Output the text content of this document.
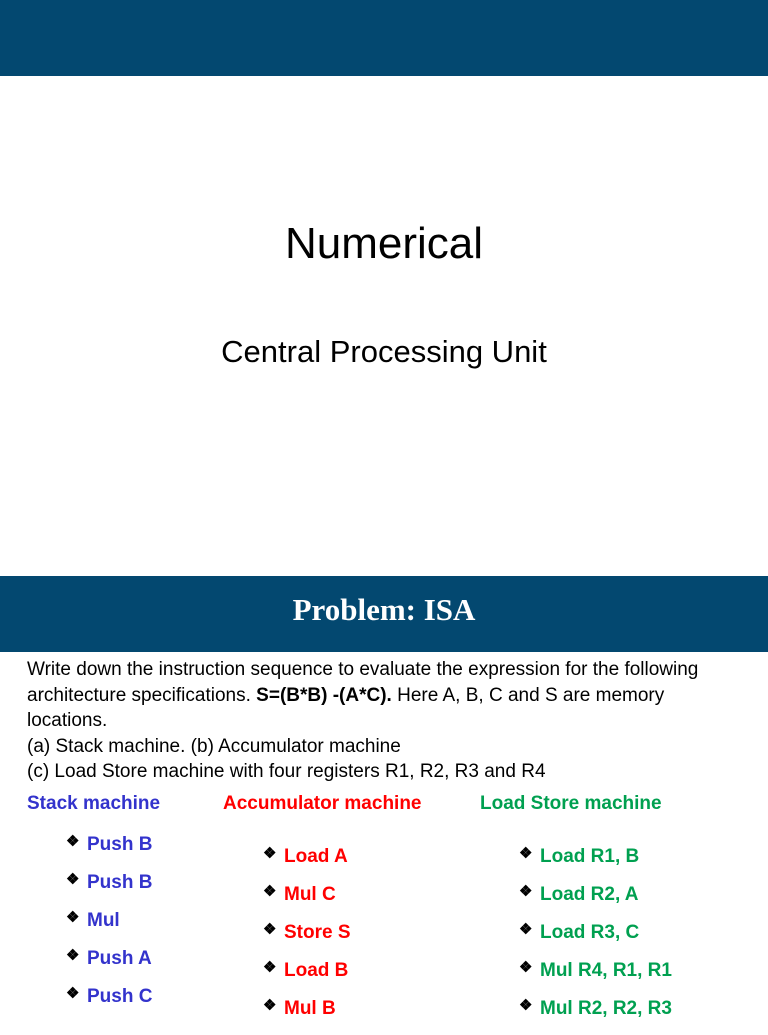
Numerical
Central Processing Unit
Problem: ISA

Write down the instruction sequence to evaluate the expression for the following architecture specifications. S=(B*B) -(A*C). Here A, B, C and S are memory locations.

(a) Stack machine. (b) Accumulator machine

(c) Load Store machine with four registers R1, R2, R3 and R4

Stack machine	Accumulator machine	Load Store machine
❖ Push B
❖ Push B
❖ Mul
❖ Push A
❖ Push C
❖ Load A
❖ Mul C
❖ Store S
❖ Load B
❖ Mul B
❖ Load R1, B
❖ Load R2, A
❖ Load R3, C
❖ Mul R4, R1, R1
❖ Mul R2, R2, R3
